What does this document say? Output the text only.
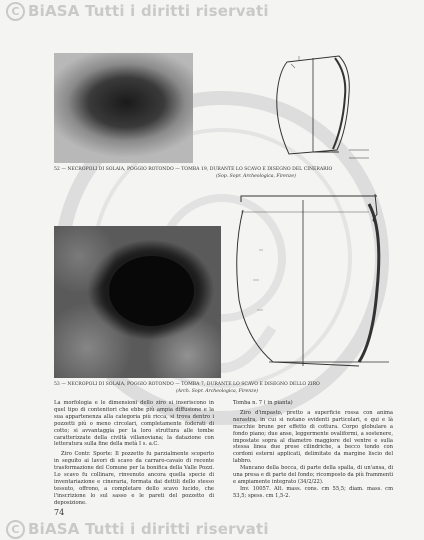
C BiASA Tutti i diritti riservati
52 — NECROPOLI DI SOLAIA, POGGIO ROTONDO — TOMBA 19, DURANTE LO SCAVO E DISEGNO DEL CINERARIO
(Sop. Sopr. Archeologica, Firenze)
53 — NECROPOLI DI SOLAIA, POGGIO ROTONDO — TOMBA 7, DURANTE LO SCAVO E DISEGNO DELLO ZIRO
(Arch. Sopr. Archeologica, Firenze)

La morfologia e le dimensioni dello ziro si inseriscono in quel tipo di contenitori che ebbe più ampia diffusione e la sua appartenenza alla categoria più ricca, si trova dentro i pozzetti più o meno circolari, completamente foderati di cotto; si avvantaggia per la loro struttura alle tombe caratterizzate della civiltà villanoviana; la datazione con letteratura sulla fine della metà I s. a.C.

Ziro Contr. Sporte: Il pozzetto fu parzialmente scoperto in seguito ai lavori di scavo da carraro-cavaio di recente trasformazione del Comune per la bonifica della Valle Pozzi. Lo scavo fu collinare, rinvenuto ancora quella specie di inventariazione e cineraria, formata dai dettili dello stesso tessuto, offrono, a completare dello scavo lucido, che l'inscrizione lo sul sasso e le pareti del pozzetto di deposizione.

Tomba n. 7 ( in pianta)

Ziro d'impasto, pretto a superficie rossa con anima nerastra, in cui si notano evidenti particolari, e qui e là macchie brune per effetto di cottura. Corpo globulare a fondo piano; due anse, leggermente ovaliformi, a sostenere, impostate sopra al diametro maggiore del ventre e sulla stessa linea due prese cilindriche, a becco tondo con cordoni esterni applicati, delimitate da margine liscio del labbro.

Mancano della bocca, di parte della spalla, di un'ansa, di una presa e di parte del fondo; ricomposto da più frammenti e ampiamente integrato (34/2/22).

Inv. 10057. Alt. mass. cons. cm 55,5; diam. mass. cm 53,5; spess. cm 1,5-2.

74
C BiASA Tutti i diritti riservati
